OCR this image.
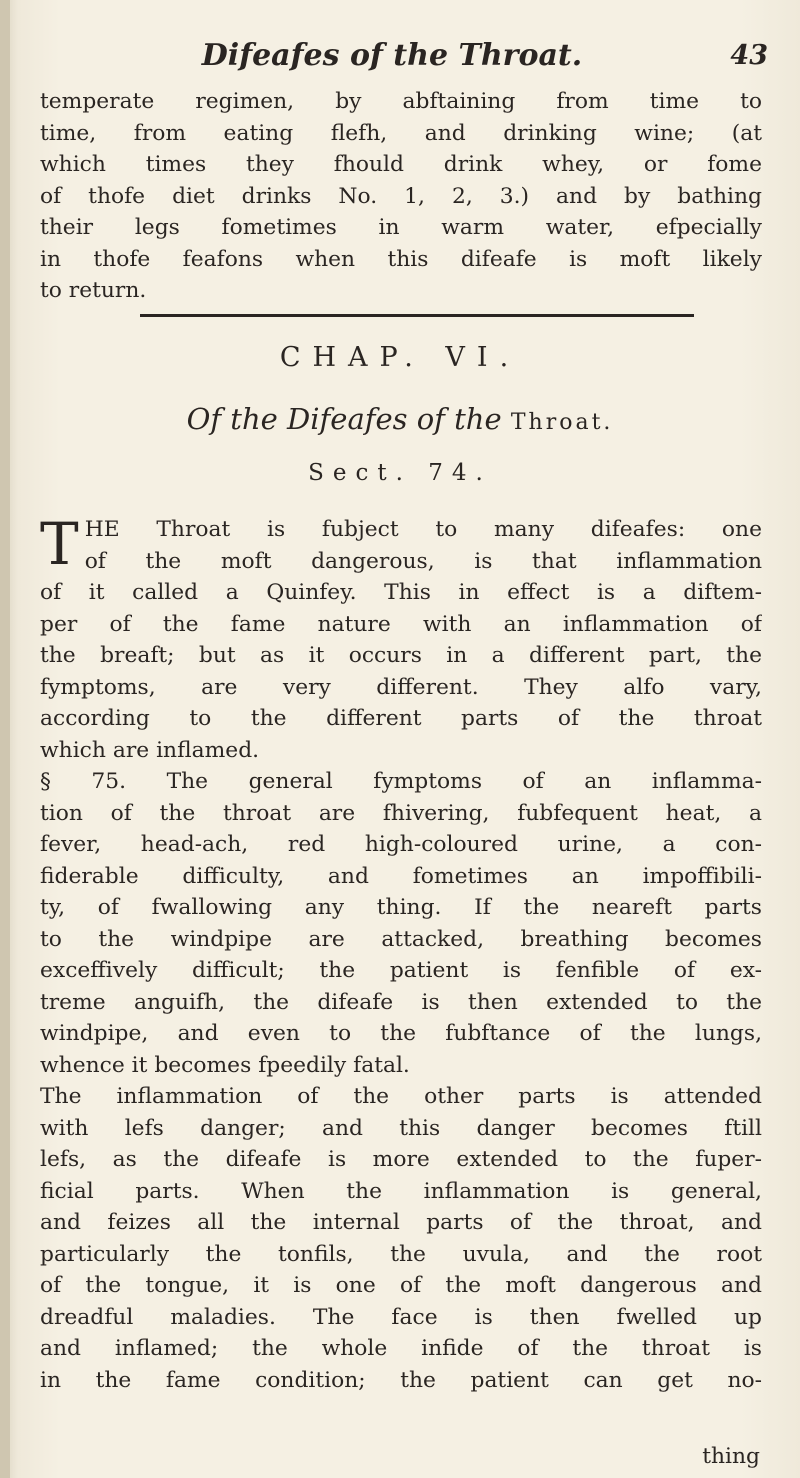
Difeafes of the Throat.	43
temperate regimen, by abftaining from time to
time, from eating flefh, and drinking wine; (at
which times they fhould drink whey, or fome
of thofe diet drinks No. 1, 2, 3.) and by bathing
their legs fometimes in warm water, efpecially
in thofe feafons when this difeafe is moft likely
to return.
CHAP. VI.
Of the Difeafes of the Throat.
Sect. 74.
T HE Throat is fubject to many difeafes: one
of the moft dangerous, is that inflammation
of it called a Quinfey. This in effect is a diftem-
per of the fame nature with an inflammation of
the breaft; but as it occurs in a different part, the
fymptoms, are very different. They alfo vary,
according to the different parts of the throat
which are inflamed.
§ 75. The general fymptoms of an inflamma-
tion of the throat are fhivering, fubfequent heat, a
fever, head-ach, red high-coloured urine, a con-
fiderable difficulty, and fometimes an impoffibili-
ty, of fwallowing any thing. If the neareft parts
to the windpipe are attacked, breathing becomes
exceffively difficult; the patient is fenfible of ex-
treme anguifh, the difeafe is then extended to the
windpipe, and even to the fubftance of the lungs,
whence it becomes fpeedily fatal.
The inflammation of the other parts is attended
with lefs danger; and this danger becomes ftill
lefs, as the difeafe is more extended to the fuper-
ficial parts. When the inflammation is general,
and feizes all the internal parts of the throat, and
particularly the tonfils, the uvula, and the root
of the tongue, it is one of the moft dangerous and
dreadful maladies. The face is then fwelled up
and inflamed; the whole infide of the throat is
in the fame condition; the patient can get no-
thing
